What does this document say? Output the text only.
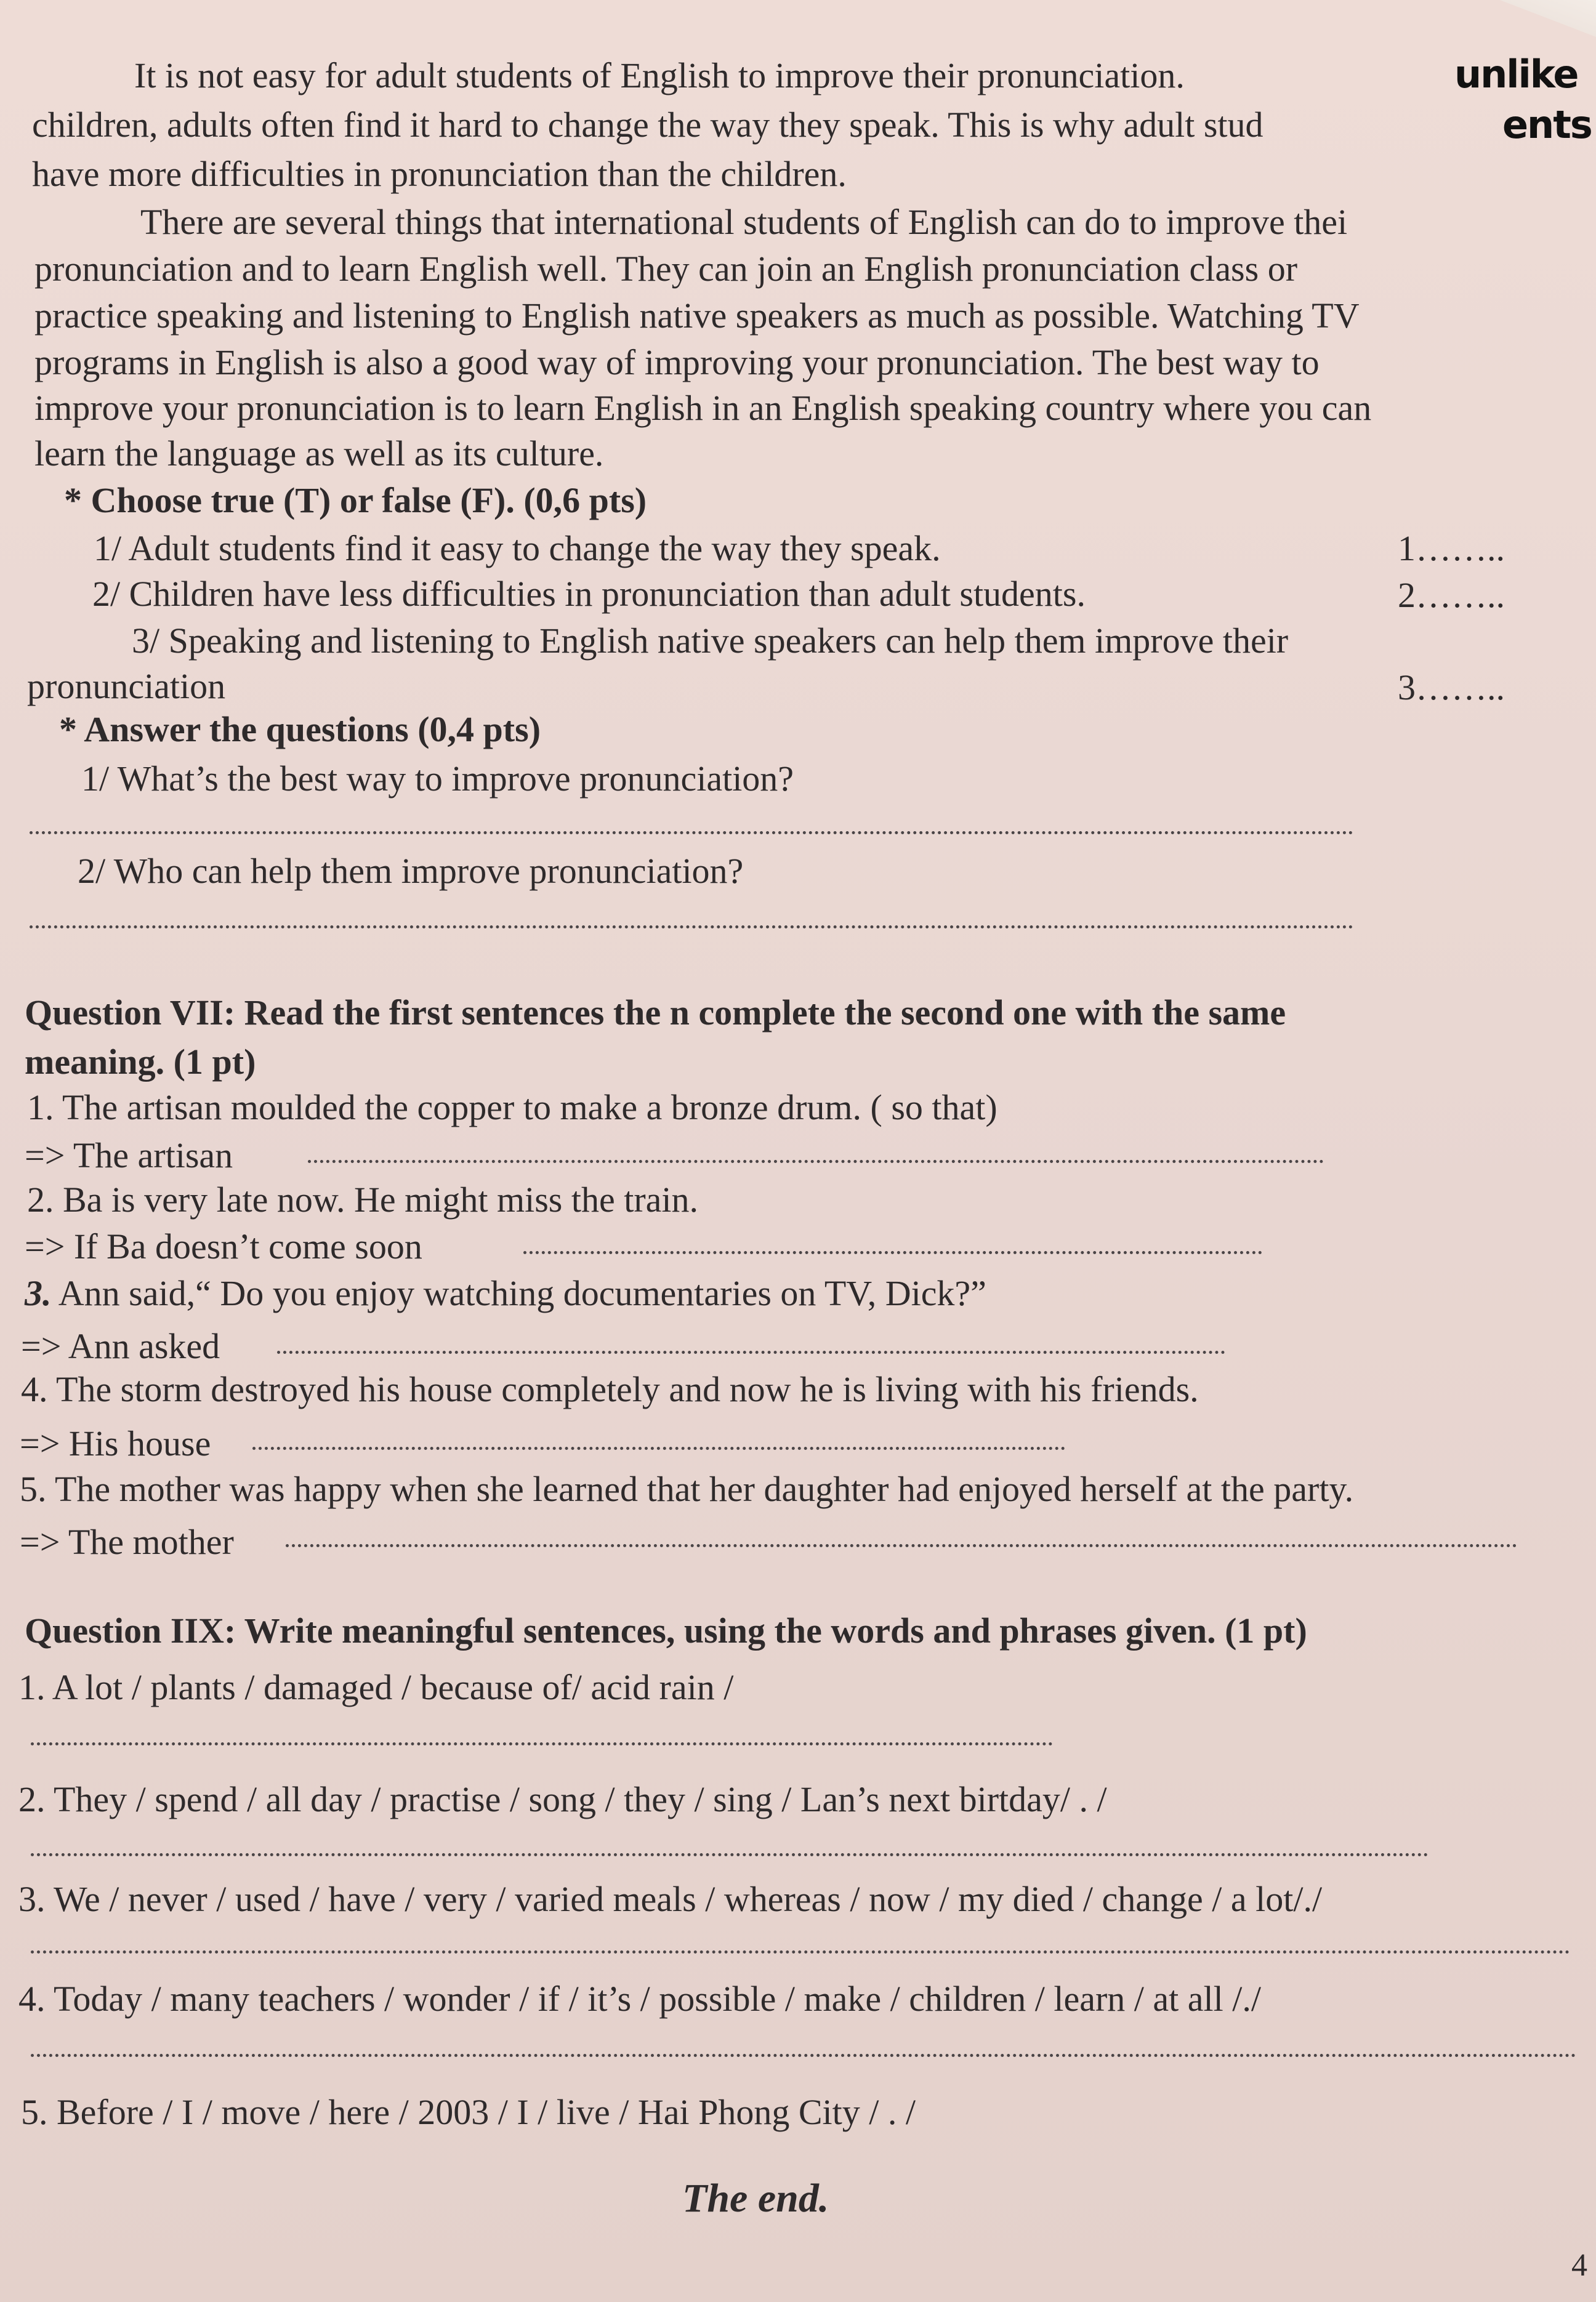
It is not easy for adult students of English to improve their pronunciation.	unlike
children, adults often find it hard to change the way they speak. This is why adult stud	ents
have more difficulties in pronunciation than the children.
There are several things that international students of English can do to improve thei
pronunciation and to learn English well. They can join an English pronunciation class or
practice speaking and listening to English native speakers as much as possible. Watching TV
programs in English is also a good way of improving your pronunciation. The best way to
improve your pronunciation is to learn English in an English speaking country where you can
learn the language as well as its culture.
* Choose true (T) or false (F). (0,6 pts)
1/ Adult students find it easy to change the way they speak.	1……..
2/ Children have less difficulties in pronunciation than adult students.	2……..
3/ Speaking and listening to English native speakers can help them improve their
pronunciation	3……..
* Answer the questions (0,4 pts)
1/ What’s the best way to improve pronunciation?
2/ Who can help them improve pronunciation?
Question VII: Read the first sentences the n complete the second one with the same
meaning. (1 pt)
1. The artisan moulded the copper to make a bronze drum. ( so that)
=> The artisan
2. Ba is very late now. He might miss the train.
=> If Ba doesn’t come soon
3. Ann said,“ Do you enjoy watching documentaries on TV, Dick?”
=> Ann asked
4. The storm destroyed his house completely and now he is living with his friends.
=> His house
5. The mother was happy when she learned that her daughter had enjoyed herself at the party.
=> The mother
Question IIX: Write meaningful sentences, using the words and phrases given. (1 pt)
1. A lot / plants / damaged / because of/ acid rain /
2. They / spend / all day / practise / song / they / sing / Lan’s next birtday/ . /
3. We / never / used / have / very / varied meals / whereas / now / my died / change / a lot/./
4. Today / many teachers / wonder / if / it’s / possible / make / children / learn / at all /./
5. Before / I / move / here / 2003 / I / live / Hai Phong City / . /
The end.
4
